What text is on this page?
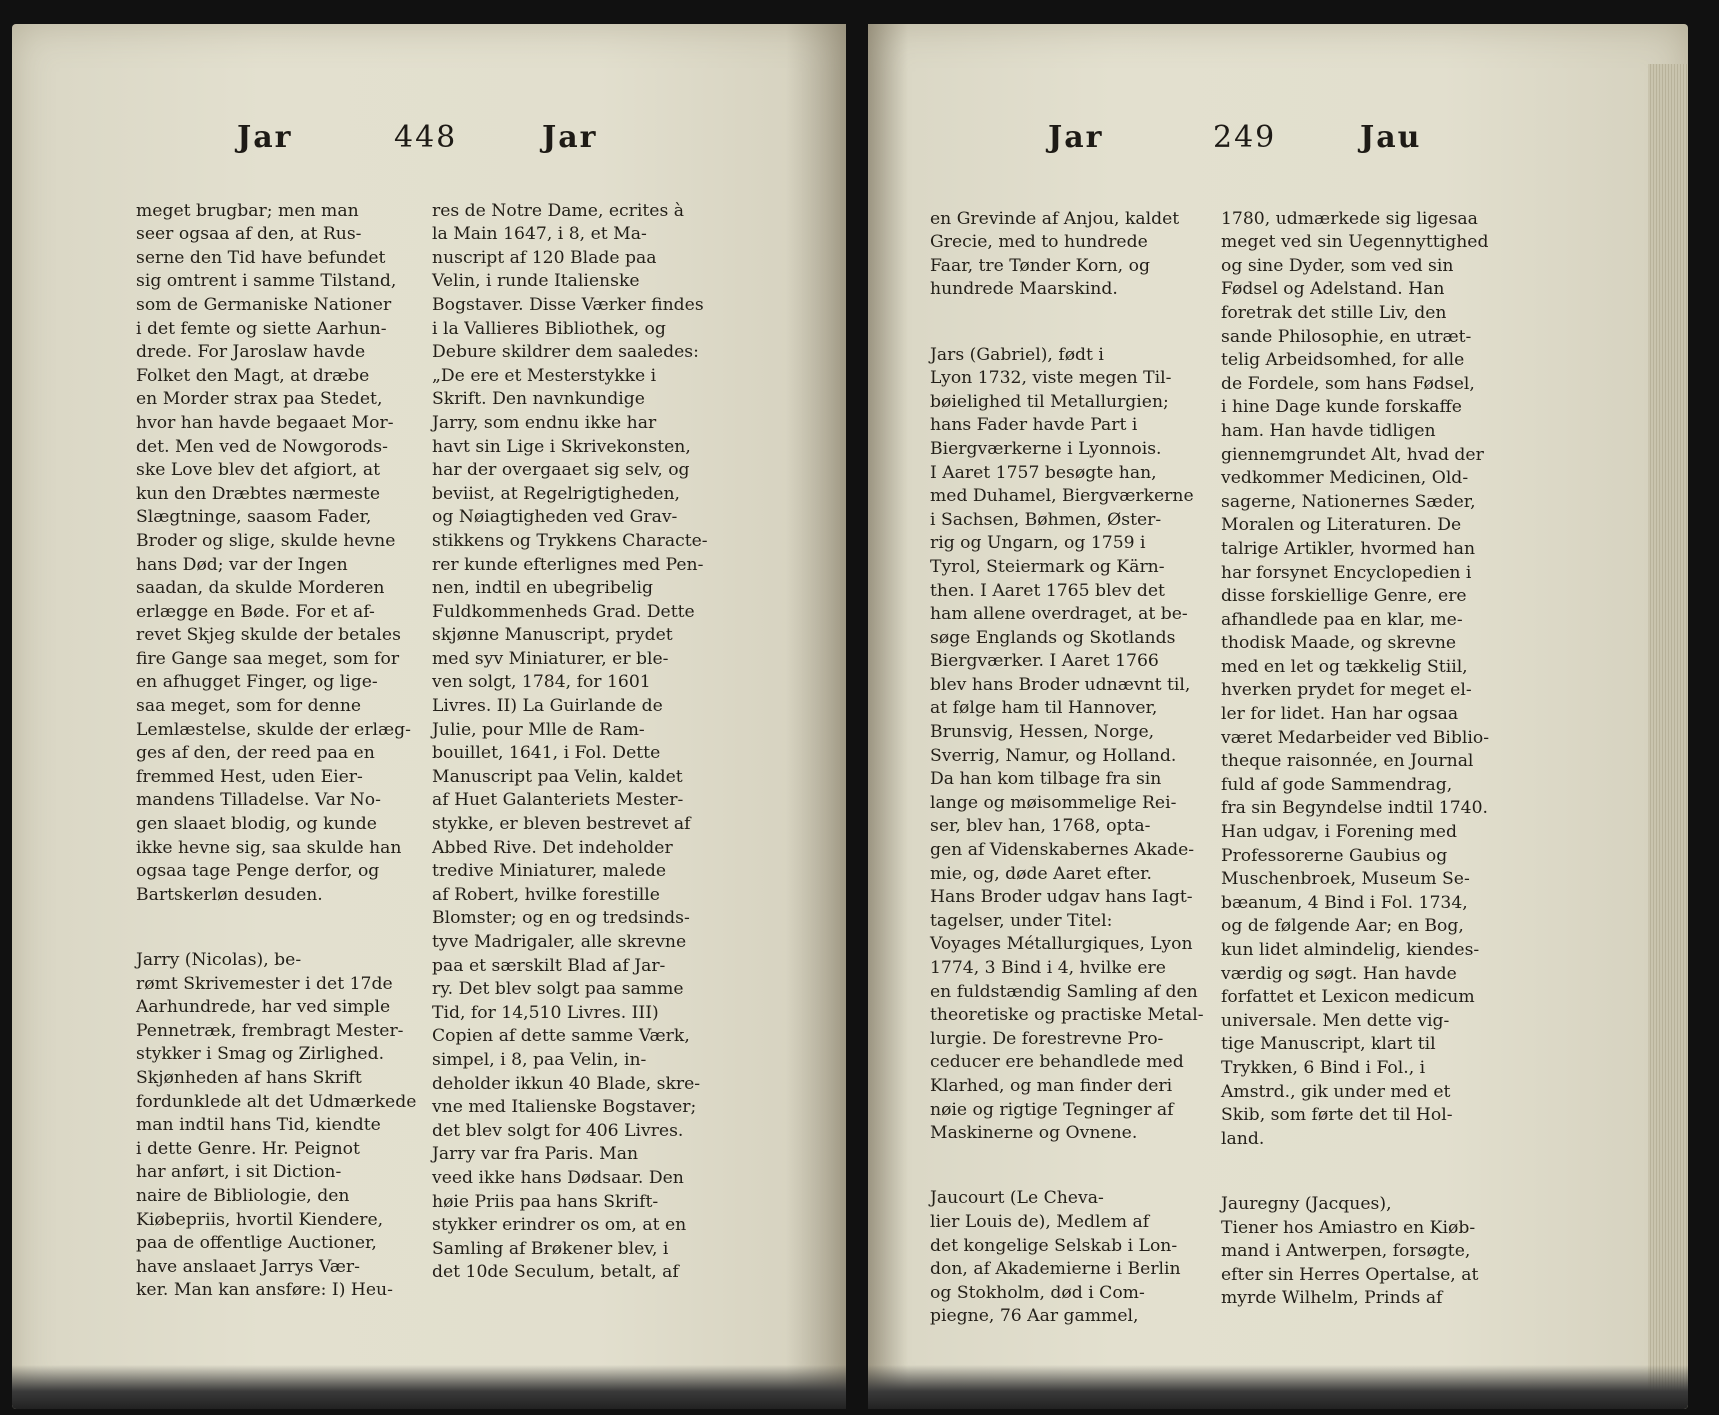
Jar	448	Jar

meget brugbar; men man
seer ogsaa af den, at Rus-
serne den Tid have befundet
sig omtrent i samme Tilstand,
som de Germaniske Nationer
i det femte og siette Aarhun-
drede. For Jaroslaw havde
Folket den Magt, at dræbe
en Morder strax paa Stedet,
hvor han havde begaaet Mor-
det. Men ved de Nowgorods-
ske Love blev det afgiort, at
kun den Dræbtes nærmeste
Slægtninge, saasom Fader,
Broder og slige, skulde hevne
hans Død; var der Ingen
saadan, da skulde Morderen
erlægge en Bøde. For et af-
revet Skjeg skulde der betales
fire Gange saa meget, som for
en afhugget Finger, og lige-
saa meget, som for denne
Lemlæstelse, skulde der erlæg-
ges af den, der reed paa en
fremmed Hest, uden Eier-
mandens Tilladelse. Var No-
gen slaaet blodig, og kunde
ikke hevne sig, saa skulde han
ogsaa tage Penge derfor, og
Bartskerløn desuden.

Jarry (Nicolas), be-
rømt Skrivemester i det 17de
Aarhundrede, har ved simple
Pennetræk, frembragt Mester-
stykker i Smag og Zirlighed.
Skjønheden af hans Skrift
fordunklede alt det Udmærkede
man indtil hans Tid, kiendte
i dette Genre. Hr. Peignot
har anført, i sit Diction-
naire de Bibliologie, den
Kiøbepriis, hvortil Kiendere,
paa de offentlige Auctioner,
have anslaaet Jarrys Vær-
ker. Man kan ansføre: I) Heu-

res de Notre Dame, ecrites à
la Main 1647, i 8, et Ma-
nuscript af 120 Blade paa
Velin, i runde Italienske
Bogstaver. Disse Værker findes
i la Vallieres Bibliothek, og
Debure skildrer dem saaledes:
„De ere et Mesterstykke i
Skrift. Den navnkundige
Jarry, som endnu ikke har
havt sin Lige i Skrivekonsten,
har der overgaaet sig selv, og
beviist, at Regelrigtigheden,
og Nøiagtigheden ved Grav-
stikkens og Trykkens Characte-
rer kunde efterlignes med Pen-
nen, indtil en ubegribelig
Fuldkommenheds Grad. Dette
skjønne Manuscript, prydet
med syv Miniaturer, er ble-
ven solgt, 1784, for 1601
Livres. II) La Guirlande de
Julie, pour Mlle de Ram-
bouillet, 1641, i Fol. Dette
Manuscript paa Velin, kaldet
af Huet Galanteriets Mester-
stykke, er bleven bestrevet af
Abbed Rive. Det indeholder
tredive Miniaturer, malede
af Robert, hvilke forestille
Blomster; og en og tredsinds-
tyve Madrigaler, alle skrevne
paa et særskilt Blad af Jar-
ry. Det blev solgt paa samme
Tid, for 14,510 Livres. III)
Copien af dette samme Værk,
simpel, i 8, paa Velin, in-
deholder ikkun 40 Blade, skre-
vne med Italienske Bogstaver;
det blev solgt for 406 Livres.
Jarry var fra Paris. Man
veed ikke hans Dødsaar. Den
høie Priis paa hans Skrift-
stykker erindrer os om, at en
Samling af Brøkener blev, i
det 10de Seculum, betalt, af

Jar	249	Jau

en Grevinde af Anjou, kaldet
Grecie, med to hundrede
Faar, tre Tønder Korn, og
hundrede Maarskind.

Jars (Gabriel), født i
Lyon 1732, viste megen Til-
bøielighed til Metallurgien;
hans Fader havde Part i
Biergværkerne i Lyonnois.
I Aaret 1757 besøgte han,
med Duhamel, Biergværkerne
i Sachsen, Bøhmen, Øster-
rig og Ungarn, og 1759 i
Tyrol, Steiermark og Kärn-
then. I Aaret 1765 blev det
ham allene overdraget, at be-
søge Englands og Skotlands
Biergværker. I Aaret 1766
blev hans Broder udnævnt til,
at følge ham til Hannover,
Brunsvig, Hessen, Norge,
Sverrig, Namur, og Holland.
Da han kom tilbage fra sin
lange og møisommelige Rei-
ser, blev han, 1768, opta-
gen af Videnskabernes Akade-
mie, og, døde Aaret efter.
Hans Broder udgav hans Iagt-
tagelser, under Titel:
Voyages Métallurgiques, Lyon
1774, 3 Bind i 4, hvilke ere
en fuldstændig Samling af den
theoretiske og practiske Metal-
lurgie. De forestrevne Pro-
ceducer ere behandlede med
Klarhed, og man finder deri
nøie og rigtige Tegninger af
Maskinerne og Ovnene.

Jaucourt (Le Cheva-
lier Louis de), Medlem af
det kongelige Selskab i Lon-
don, af Akademierne i Berlin
og Stokholm, død i Com-
piegne, 76 Aar gammel,

1780, udmærkede sig ligesaa
meget ved sin Uegennyttighed
og sine Dyder, som ved sin
Fødsel og Adelstand. Han
foretrak det stille Liv, den
sande Philosophie, en utræt-
telig Arbeidsomhed, for alle
de Fordele, som hans Fødsel,
i hine Dage kunde forskaffe
ham. Han havde tidligen
giennemgrundet Alt, hvad der
vedkommer Medicinen, Old-
sagerne, Nationernes Sæder,
Moralen og Literaturen. De
talrige Artikler, hvormed han
har forsynet Encyclopedien i
disse forskiellige Genre, ere
afhandlede paa en klar, me-
thodisk Maade, og skrevne
med en let og tækkelig Stiil,
hverken prydet for meget el-
ler for lidet. Han har ogsaa
været Medarbeider ved Biblio-
theque raisonnée, en Journal
fuld af gode Sammendrag,
fra sin Begyndelse indtil 1740.
Han udgav, i Forening med
Professorerne Gaubius og
Muschenbroek, Museum Se-
bæanum, 4 Bind i Fol. 1734,
og de følgende Aar; en Bog,
kun lidet almindelig, kiendes-
værdig og søgt. Han havde
forfattet et Lexicon medicum
universale. Men dette vig-
tige Manuscript, klart til
Trykken, 6 Bind i Fol., i
Amstrd., gik under med et
Skib, som førte det til Hol-
land.

Jauregny (Jacques),
Tiener hos Amiastro en Kiøb-
mand i Antwerpen, forsøgte,
efter sin Herres Opertalse, at
myrde Wilhelm, Prinds af
